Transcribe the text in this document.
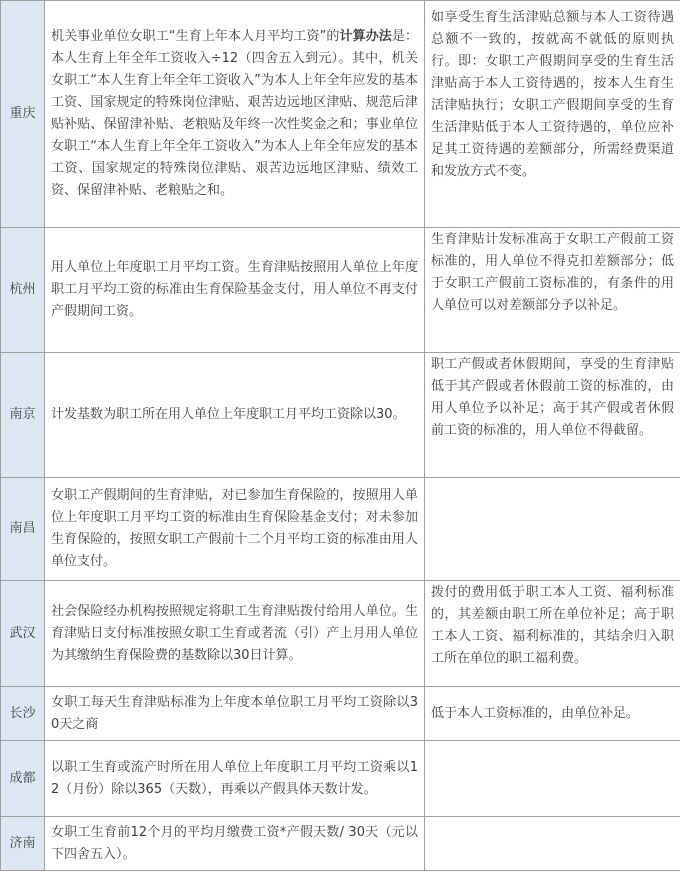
重庆	机关事业单位女职工“生育上年本人月平均工资”的计算办法是：本人生育上年全年工资收入÷12（四舍五入到元）。其中，机关女职工“本人生育上年全年工资收入”为本人上年全年应发的基本工资、国家规定的特殊岗位津贴、艰苦边远地区津贴、规范后津贴补贴、保留津补贴、老粮贴及年终一次性奖金之和；事业单位女职工“本人生育上年全年工资收入”为本人上年全年应发的基本工资、国家规定的特殊岗位津贴、艰苦边远地区津贴、绩效工资、保留津补贴、老粮贴之和。	如享受生育生活津贴总额与本人工资待遇总额不一致的，按就高不就低的原则执行。即：女职工产假期间享受的生育生活津贴高于本人工资待遇的，按本人生育生活津贴执行；女职工产假期间享受的生育生活津贴低于本人工资待遇的，单位应补足其工资待遇的差额部分，所需经费渠道和发放方式不变。
杭州	用人单位上年度职工月平均工资。生育津贴按照用人单位上年度职工月平均工资的标准由生育保险基金支付，用人单位不再支付产假期间工资。	生育津贴计发标准高于女职工产假前工资标准的，用人单位不得克扣差额部分；低于女职工产假前工资标准的，有条件的用人单位可以对差额部分予以补足。
南京	计发基数为职工所在用人单位上年度职工月平均工资除以30。	职工产假或者休假期间，享受的生育津贴低于其产假或者休假前工资的标准的，由用人单位予以补足；高于其产假或者休假前工资的标准的，用人单位不得截留。
南昌	女职工产假期间的生育津贴，对已参加生育保险的，按照用人单位上年度职工月平均工资的标准由生育保险基金支付；对未参加生育保险的，按照女职工产假前十二个月平均工资的标准由用人单位支付。	
武汉	社会保险经办机构按照规定将职工生育津贴拨付给用人单位。生育津贴日支付标准按照女职工生育或者流（引）产上月用人单位为其缴纳生育保险费的基数除以30日计算。	拨付的费用低于职工本人工资、福利标准的，其差额由职工所在单位补足；高于职工本人工资、福利标准的，其结余归入职工所在单位的职工福利费。
长沙	女职工每天生育津贴标准为上年度本单位职工月平均工资除以30天之商	低于本人工资标准的，由单位补足。
成都	以职工生育或流产时所在用人单位上年度职工月平均工资乘以12（月份）除以365（天数），再乘以产假具体天数计发。	
济南	女职工生育前12个月的平均月缴费工资*产假天数/ 30天（元以下四舍五入）。	
